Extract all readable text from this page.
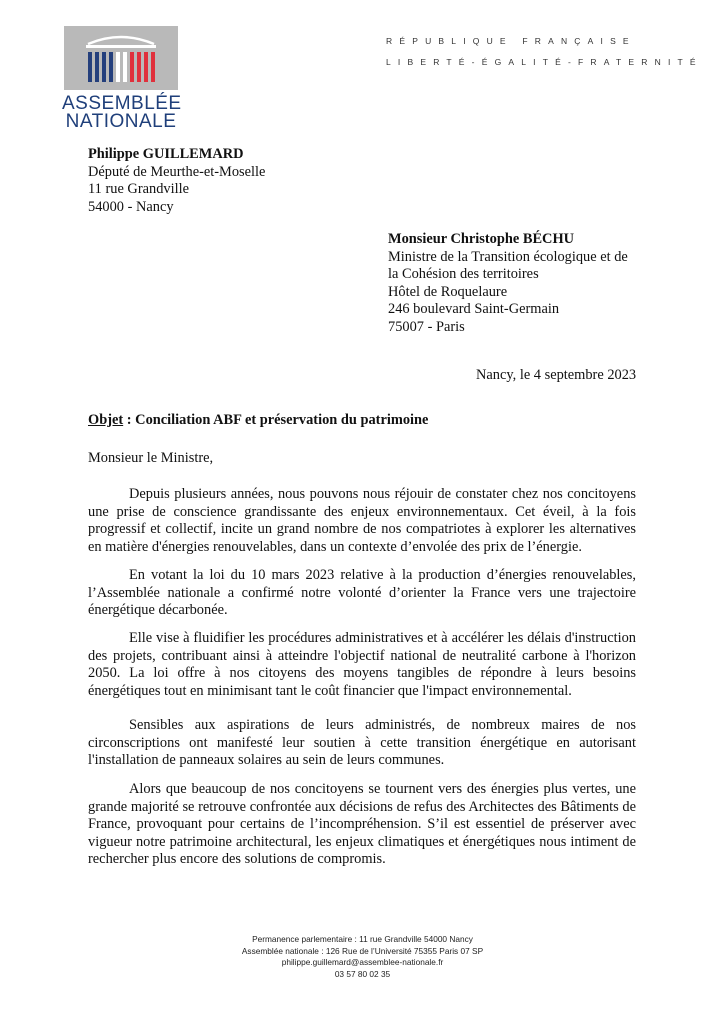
ASSEMBLÉE
NATIONALE
RÉPUBLIQUE FRANÇAISE
LIBERTÉ-ÉGALITÉ-FRATERNITÉ
Philippe GUILLEMARD
Député de Meurthe-et-Moselle
11 rue Grandville
54000 - Nancy
Monsieur Christophe BÉCHU
Ministre de la Transition écologique et de
la Cohésion des territoires
Hôtel de Roquelaure
246 boulevard Saint-Germain
75007 - Paris
Nancy, le 4 septembre 2023
Objet : Conciliation ABF et préservation du patrimoine
Monsieur le Ministre,
Depuis plusieurs années, nous pouvons nous réjouir de constater chez nos concitoyens une prise de conscience grandissante des enjeux environnementaux. Cet éveil, à la fois progressif et collectif, incite un grand nombre de nos compatriotes à explorer les alternatives en matière d'énergies renouvelables, dans un contexte d’envolée des prix de l’énergie.
En votant la loi du 10 mars 2023 relative à la production d’énergies renouvelables, l’Assemblée nationale a confirmé notre volonté d’orienter la France vers une trajectoire énergétique décarbonée.
Elle vise à fluidifier les procédures administratives et à accélérer les délais d'instruction des projets, contribuant ainsi à atteindre l'objectif national de neutralité carbone à l'horizon 2050. La loi offre à nos citoyens des moyens tangibles de répondre à leurs besoins énergétiques tout en minimisant tant le coût financier que l'impact environnemental.
Sensibles aux aspirations de leurs administrés, de nombreux maires de nos circonscriptions ont manifesté leur soutien à cette transition énergétique en autorisant l'installation de panneaux solaires au sein de leurs communes.
Alors que beaucoup de nos concitoyens se tournent vers des énergies plus vertes, une grande majorité se retrouve confrontée aux décisions de refus des Architectes des Bâtiments de France, provoquant pour certains de l’incompréhension. S’il est essentiel de préserver avec vigueur notre patrimoine architectural, les enjeux climatiques et énergétiques nous intiment de rechercher plus encore des solutions de compromis.
Permanence parlementaire : 11 rue Grandville 54000 Nancy
Assemblée nationale : 126 Rue de l’Université 75355 Paris 07 SP
philippe.guillemard@assemblee-nationale.fr
03 57 80 02 35
